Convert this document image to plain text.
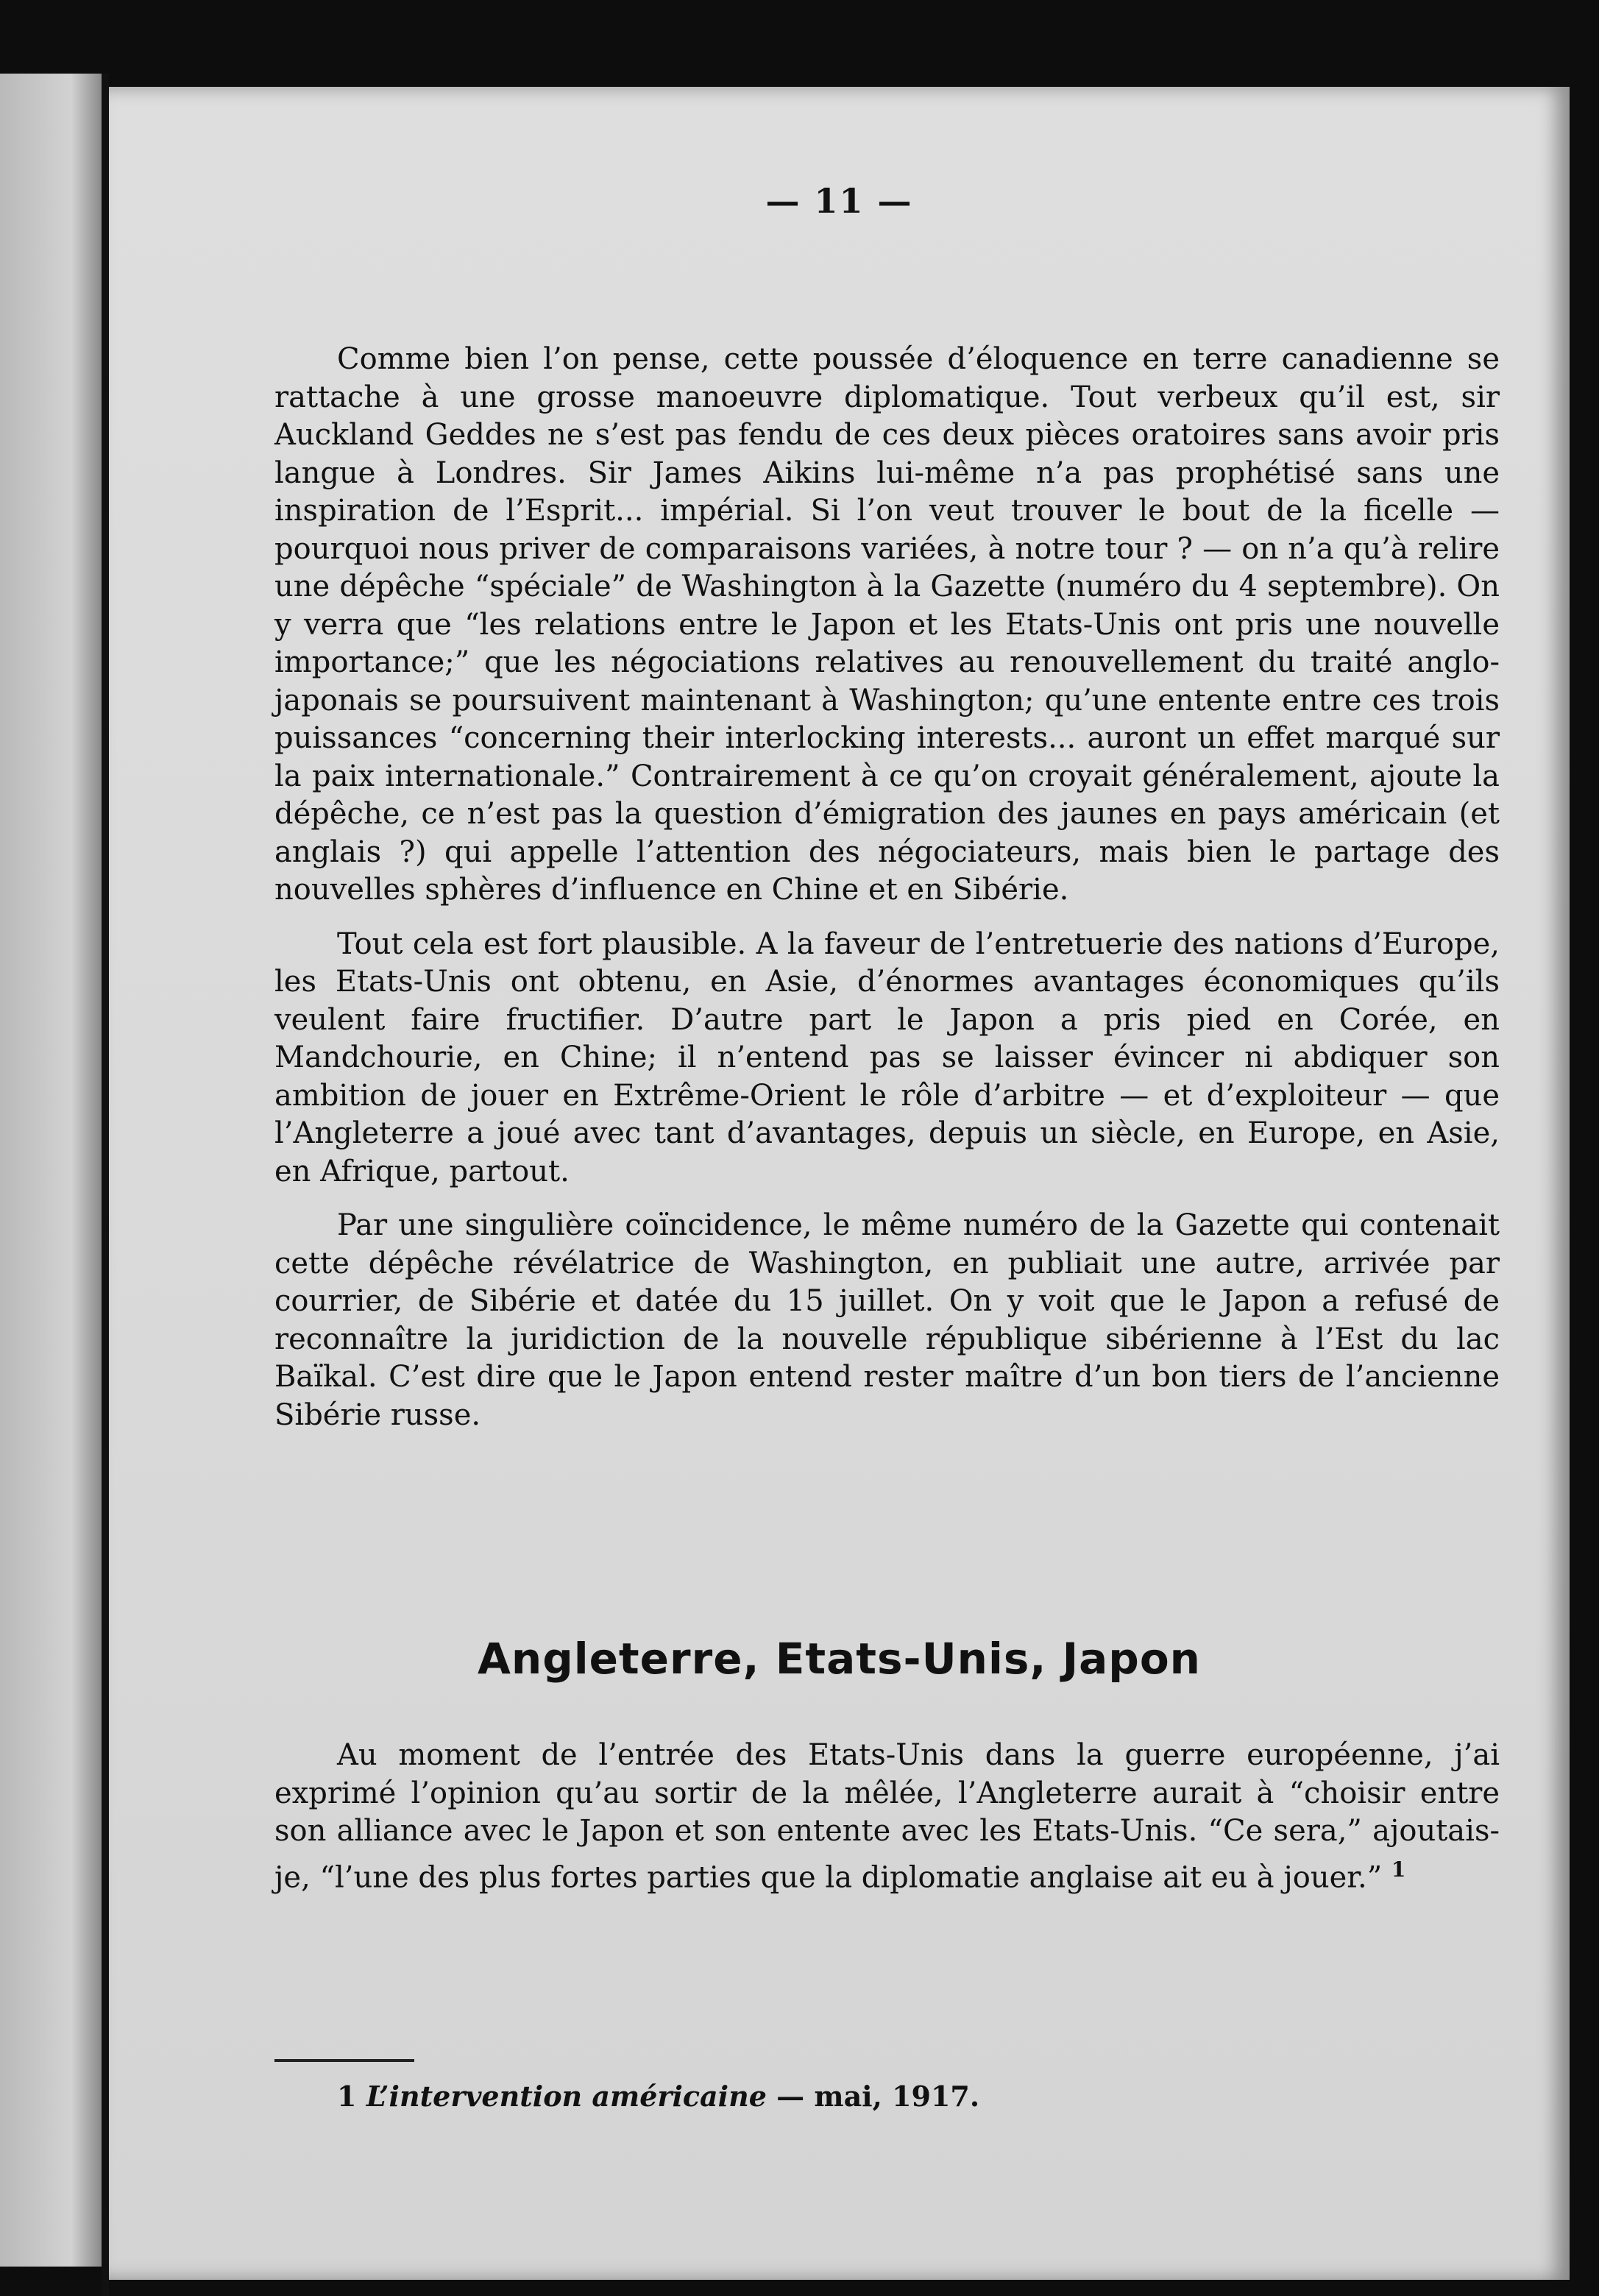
— 11 —

Comme bien l’on pense, cette poussée d’éloquence en terre canadienne se rattache à une grosse manoeuvre diplomatique. Tout verbeux qu’il est, sir Auckland Geddes ne s’est pas fendu de ces deux pièces oratoires sans avoir pris langue à Londres. Sir James Aikins lui-même n’a pas prophétisé sans une inspiration de l’Esprit... impérial. Si l’on veut trouver le bout de la ficelle — pourquoi nous priver de comparaisons variées, à notre tour ? — on n’a qu’à relire une dépêche “spéciale” de Washington à la Gazette (numéro du 4 septembre). On y verra que “les relations entre le Japon et les Etats-Unis ont pris une nouvelle importance;” que les négociations relatives au renouvellement du traité anglo-japonais se poursuivent maintenant à Washington; qu’une entente entre ces trois puissances “concerning their interlocking interests... auront un effet marqué sur la paix internationale.” Contrairement à ce qu’on croyait généralement, ajoute la dépêche, ce n’est pas la question d’émigration des jaunes en pays américain (et anglais ?) qui appelle l’attention des négociateurs, mais bien le partage des nouvelles sphères d’influence en Chine et en Sibérie.

Tout cela est fort plausible. A la faveur de l’entretuerie des nations d’Europe, les Etats-Unis ont obtenu, en Asie, d’énormes avantages économiques qu’ils veulent faire fructifier. D’autre part le Japon a pris pied en Corée, en Mandchourie, en Chine; il n’entend pas se laisser évincer ni abdiquer son ambition de jouer en Extrême-Orient le rôle d’arbitre — et d’exploiteur — que l’Angleterre a joué avec tant d’avantages, depuis un siècle, en Europe, en Asie, en Afrique, partout.

Par une singulière coïncidence, le même numéro de la Gazette qui contenait cette dépêche révélatrice de Washington, en publiait une autre, arrivée par courrier, de Sibérie et datée du 15 juillet. On y voit que le Japon a refusé de reconnaître la juridiction de la nouvelle république sibérienne à l’Est du lac Baïkal. C’est dire que le Japon entend rester maître d’un bon tiers de l’ancienne Sibérie russe.

Angleterre, Etats-Unis, Japon

Au moment de l’entrée des Etats-Unis dans la guerre européenne, j’ai exprimé l’opinion qu’au sortir de la mêlée, l’Angleterre aurait à “choisir entre son alliance avec le Japon et son entente avec les Etats-Unis. “Ce sera,” ajoutais-je, “l’une des plus fortes parties que la diplomatie anglaise ait eu à jouer.” $^1$

1 L’intervention américaine — mai, 1917.
